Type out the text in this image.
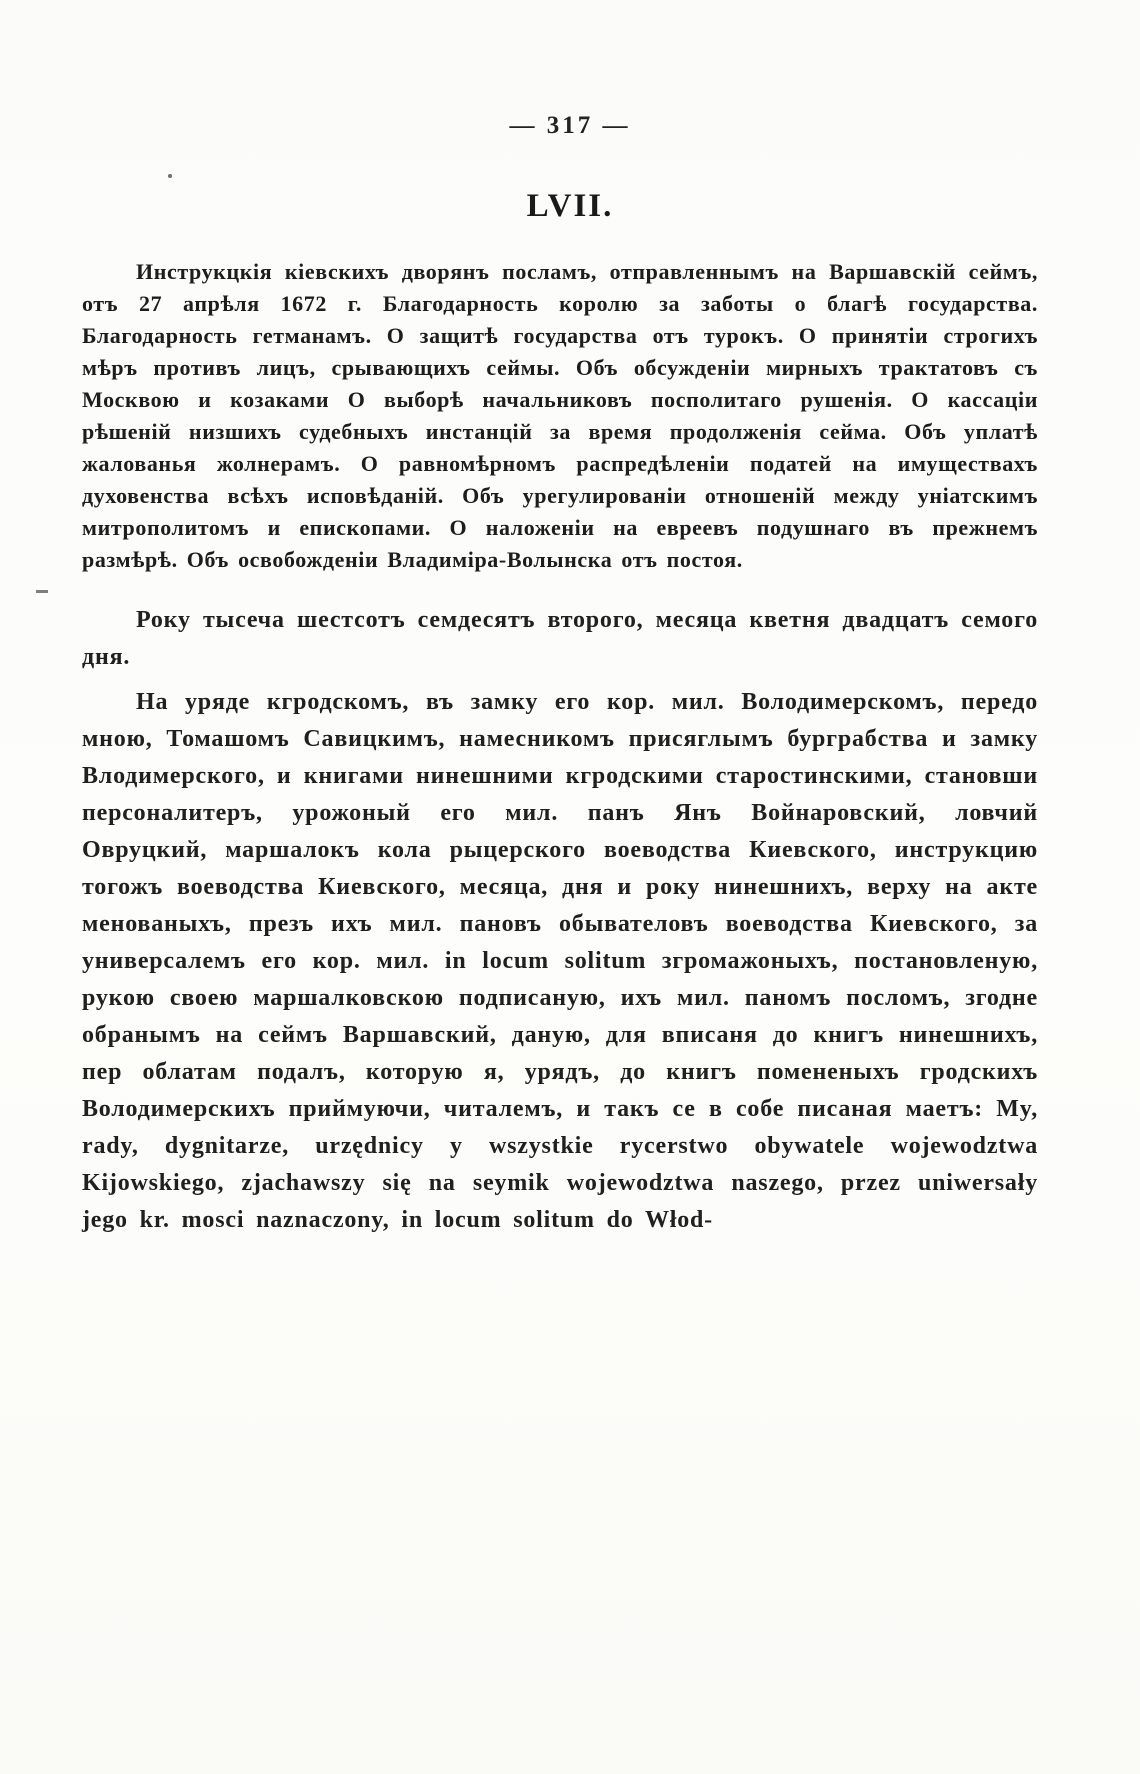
— 317 —
LVII.

Инструкцкія кіевскихъ дворянъ посламъ, отправленнымъ на Варшавскій сеймъ, отъ 27 апрѣля 1672 г. Благодарность королю за заботы о благѣ государства. Благодарность гетманамъ. О защитѣ государства отъ турокъ. О принятіи строгихъ мѣръ противъ лицъ, срывающихъ сеймы. Объ обсужденіи мирныхъ трактатовъ съ Москвою и козаками О выборѣ начальниковъ посполитаго рушенія. О кассаціи рѣшеній низшихъ судебныхъ инстанцій за время продолженія сейма. Объ уплатѣ жалованья жолнерамъ. О равномѣрномъ распредѣленіи податей на имуществахъ духовенства всѣхъ исповѣданій. Объ урегулированіи отношеній между уніатскимъ митрополитомъ и епископами. О наложеніи на евреевъ подушнаго въ прежнемъ размѣрѣ. Объ освобожденіи Владиміра-Волынска отъ постоя.

Року тысеча шестсотъ семдесятъ второго, месяца кветня двадцатъ семого дня.

На уряде кгродскомъ, въ замку его кор. мил. Володимерскомъ, передо мною, Томашомъ Савицкимъ, намесникомъ присяглымъ бурграбства и замку Влодимерского, и книгами нинешними кгродскими старостинскими, становши персоналитеръ, урожоный его мил. панъ Янъ Войнаровский, ловчий Овруцкий, маршалокъ кола рыцерского воеводства Киевского, инструкцию тогожъ воеводства Киевского, месяца, дня и року нинешнихъ, верху на акте менованыхъ, презъ ихъ мил. пановъ обывателовъ воеводства Киевского, за универсалемъ его кор. мил. in locum solitum згромажоныхъ, постановленую, рукою своею маршалковскою подписаную, ихъ мил. паномъ посломъ, згодне обранымъ на сеймъ Варшавский, даную, для вписаня до книгъ нинешнихъ, пер облатам подалъ, которую я, урядъ, до книгъ помененыхъ гродскихъ Володимерскихъ приймуючи, читалемъ, и такъ се в собе писаная маетъ: My, rady, dygnitarze, urzędnicy y wszystkie rycerstwo obywatele wojewodztwa Kijowskiego, zjachawszy się na seymik wojewodztwa naszego, przez uniwersały jego kr. mosci naznaczony, in locum solitum do Włod-
